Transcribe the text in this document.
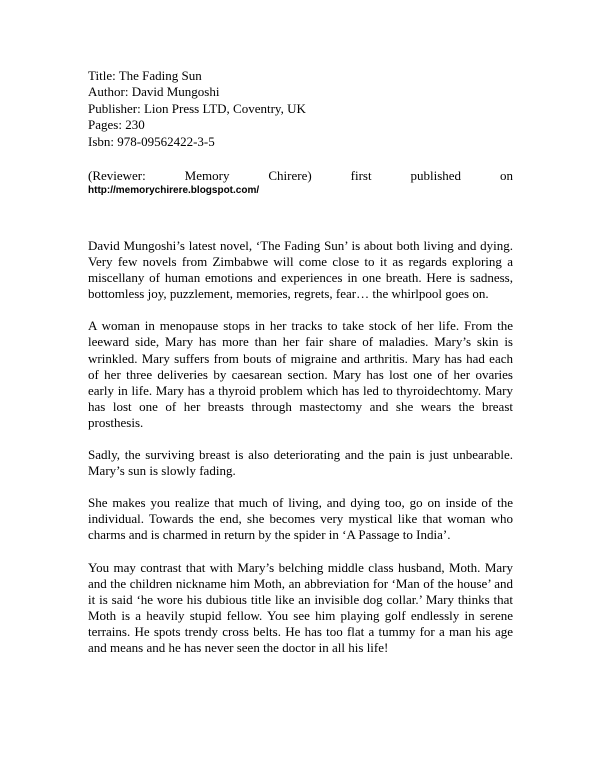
Title: The Fading Sun
Author: David Mungoshi
Publisher: Lion Press LTD, Coventry, UK
Pages: 230
Isbn: 978-09562422-3-5
(Reviewer: Memory Chirere) first published on
http://memorychirere.blogspot.com/

David Mungoshi’s latest novel, ‘The Fading Sun’ is about both living and dying. Very few novels from Zimbabwe will come close to it as regards exploring a miscellany of human emotions and experiences in one breath. Here is sadness, bottomless joy, puzzlement, memories, regrets, fear… the whirlpool goes on.

A woman in menopause stops in her tracks to take stock of her life. From the leeward side, Mary has more than her fair share of maladies. Mary’s skin is wrinkled. Mary suffers from bouts of migraine and arthritis. Mary has had each of her three deliveries by caesarean section. Mary has lost one of her ovaries early in life. Mary has a thyroid problem which has led to thyroidechtomy. Mary has lost one of her breasts through mastectomy and she wears the breast prosthesis.

Sadly, the surviving breast is also deteriorating and the pain is just unbearable. Mary’s sun is slowly fading.

She makes you realize that much of living, and dying too, go on inside of the individual. Towards the end, she becomes very mystical like that woman who charms and is charmed in return by the spider in ‘A Passage to India’.

You may contrast that with Mary’s belching middle class husband, Moth. Mary and the children nickname him Moth, an abbreviation for ‘Man of the house’ and it is said ‘he wore his dubious title like an invisible dog collar.’ Mary thinks that Moth is a heavily stupid fellow. You see him playing golf endlessly in serene terrains. He spots trendy cross belts. He has too flat a tummy for a man his age and means and he has never seen the doctor in all his life!
